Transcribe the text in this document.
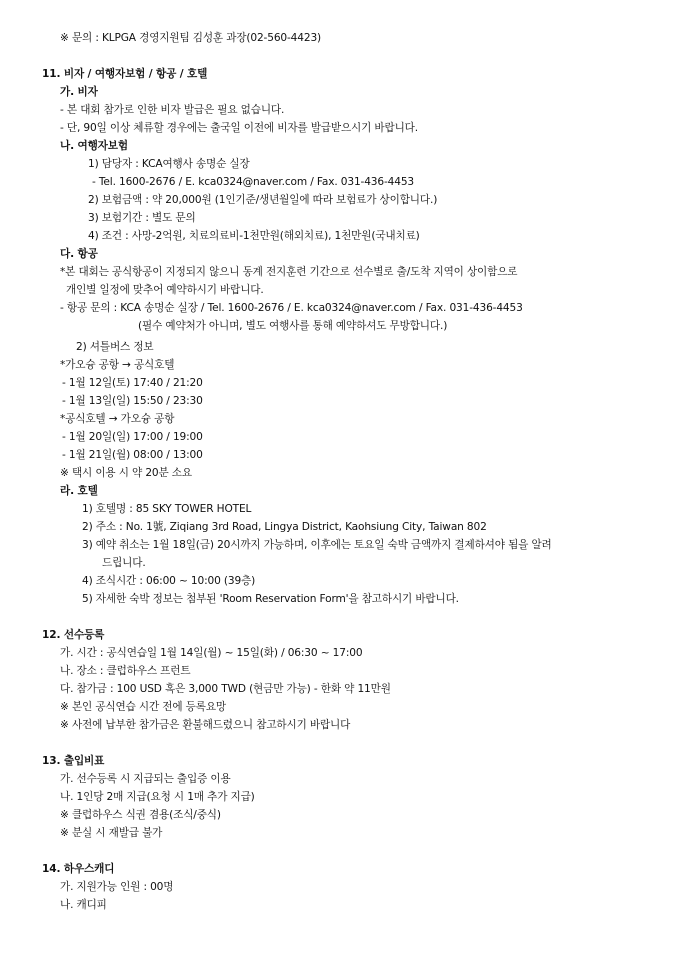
※ 문의 : KLPGA 경영지원팀 김성훈 과장(02-560-4423)
11. 비자 / 여행자보험 / 항공 / 호텔
가. 비자
- 본 대회 참가로 인한 비자 발급은 필요 없습니다.
- 단, 90일 이상 체류할 경우에는 출국일 이전에 비자를 발급받으시기 바랍니다.
나. 여행자보험
1) 담당자 : KCA여행사 송명순 실장
- Tel. 1600-2676 / E. kca0324@naver.com / Fax. 031-436-4453
2) 보험금액 : 약 20,000원 (1인기준/생년월일에 따라 보험료가 상이합니다.)
3) 보험기간 : 별도 문의
4) 조건 : 사망-2억원, 치료의료비-1천만원(해외치료), 1천만원(국내치료)
다. 항공
*본 대회는 공식항공이 지정되지 않으니 동계 전지훈련 기간으로 선수별로 출/도착 지역이 상이함으로
개인별 일정에 맞추어 예약하시기 바랍니다.
- 항공 문의 : KCA 송명순 실장 / Tel. 1600-2676 / E. kca0324@naver.com / Fax. 031-436-4453
(필수 예약처가 아니며, 별도 여행사를 통해 예약하셔도 무방합니다.)
2) 셔틀버스 정보
*가오슝 공항 → 공식호텔
- 1월 12일(토) 17:40 / 21:20
- 1월 13일(일) 15:50 / 23:30
*공식호텔 → 가오슝 공항
- 1월 20일(일) 17:00 / 19:00
- 1월 21일(월) 08:00 / 13:00
※ 택시 이용 시 약 20분 소요
라. 호텔
1) 호텔명 : 85 SKY TOWER HOTEL
2) 주소 : No. 1號, Ziqiang 3rd Road, Lingya District, Kaohsiung City, Taiwan 802
3) 예약 취소는 1월 18일(금) 20시까지 가능하며, 이후에는 토요일 숙박 금액까지 결제하셔야 됨을 알려
드립니다.
4) 조식시간 : 06:00 ~ 10:00 (39층)
5) 자세한 숙박 정보는 첨부된 'Room Reservation Form'을 참고하시기 바랍니다.
12. 선수등록
가. 시간 : 공식연습일 1월 14일(월) ~ 15일(화) / 06:30 ~ 17:00
나. 장소 : 클럽하우스 프런트
다. 참가금 : 100 USD 혹은 3,000 TWD (현금만 가능) - 한화 약 11만원
※ 본인 공식연습 시간 전에 등록요망
※ 사전에 납부한 참가금은 환불해드렸으니 참고하시기 바랍니다
13. 출입비표
가. 선수등록 시 지급되는 출입증 이용
나. 1인당 2매 지급(요청 시 1매 추가 지급)
※ 클럽하우스 식권 겸용(조식/중식)
※ 분실 시 재발급 불가
14. 하우스캐디
가. 지원가능 인원 : 00명
나. 캐디피
